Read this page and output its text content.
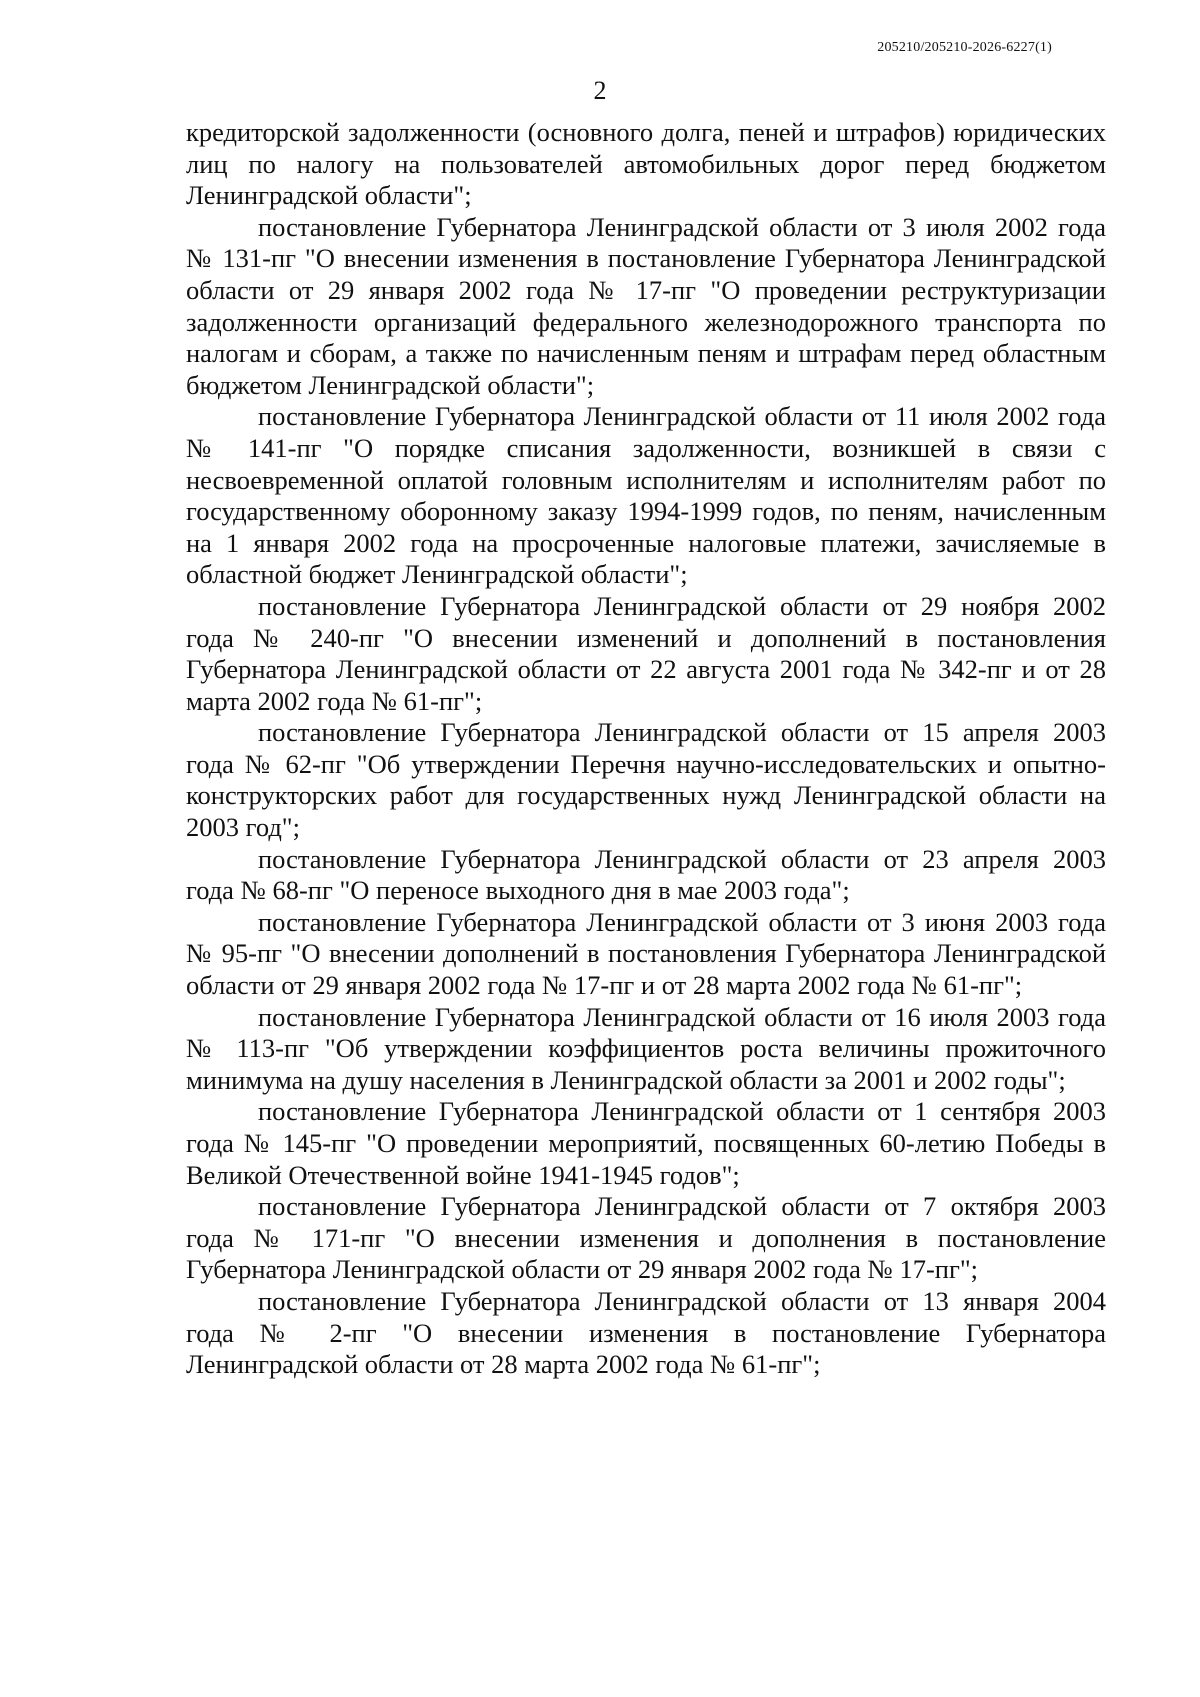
205210/205210-2026-6227(1)
2

кредиторской задолженности (основного долга, пеней и штрафов) юридических лиц по налогу на пользователей автомобильных дорог перед бюджетом Ленинградской области";

постановление Губернатора Ленинградской области от 3 июля 2002 года № 131-пг "О внесении изменения в постановление Губернатора Ленинградской области от 29 января 2002 года № 17-пг "О проведении реструктуризации задолженности организаций федерального железнодорожного транспорта по налогам и сборам, а также по начисленным пеням и штрафам перед областным бюджетом Ленинградской области";

постановление Губернатора Ленинградской области от 11 июля 2002 года № 141-пг "О порядке списания задолженности, возникшей в связи с несвоевременной оплатой головным исполнителям и исполнителям работ по государственному оборонному заказу 1994-1999 годов, по пеням, начисленным на 1 января 2002 года на просроченные налоговые платежи, зачисляемые в областной бюджет Ленинградской области";

постановление Губернатора Ленинградской области от 29 ноября 2002 года № 240-пг "О внесении изменений и дополнений в постановления Губернатора Ленинградской области от 22 августа 2001 года № 342-пг и от 28 марта 2002 года № 61-пг";

постановление Губернатора Ленинградской области от 15 апреля 2003 года № 62-пг "Об утверждении Перечня научно-исследовательских и опытно-конструкторских работ для государственных нужд Ленинградской области на 2003 год";

постановление Губернатора Ленинградской области от 23 апреля 2003 года № 68-пг "О переносе выходного дня в мае 2003 года";

постановление Губернатора Ленинградской области от 3 июня 2003 года № 95-пг "О внесении дополнений в постановления Губернатора Ленинградской области от 29 января 2002 года № 17-пг и от 28 марта 2002 года № 61-пг";

постановление Губернатора Ленинградской области от 16 июля 2003 года № 113-пг "Об утверждении коэффициентов роста величины прожиточного минимума на душу населения в Ленинградской области за 2001 и 2002 годы";

постановление Губернатора Ленинградской области от 1 сентября 2003 года № 145-пг "О проведении мероприятий, посвященных 60-летию Победы в Великой Отечественной войне 1941-1945 годов";

постановление Губернатора Ленинградской области от 7 октября 2003 года № 171-пг "О внесении изменения и дополнения в постановление Губернатора Ленинградской области от 29 января 2002 года № 17-пг";

постановление Губернатора Ленинградской области от 13 января 2004 года № 2-пг "О внесении изменения в постановление Губернатора Ленинградской области от 28 марта 2002 года № 61-пг";
